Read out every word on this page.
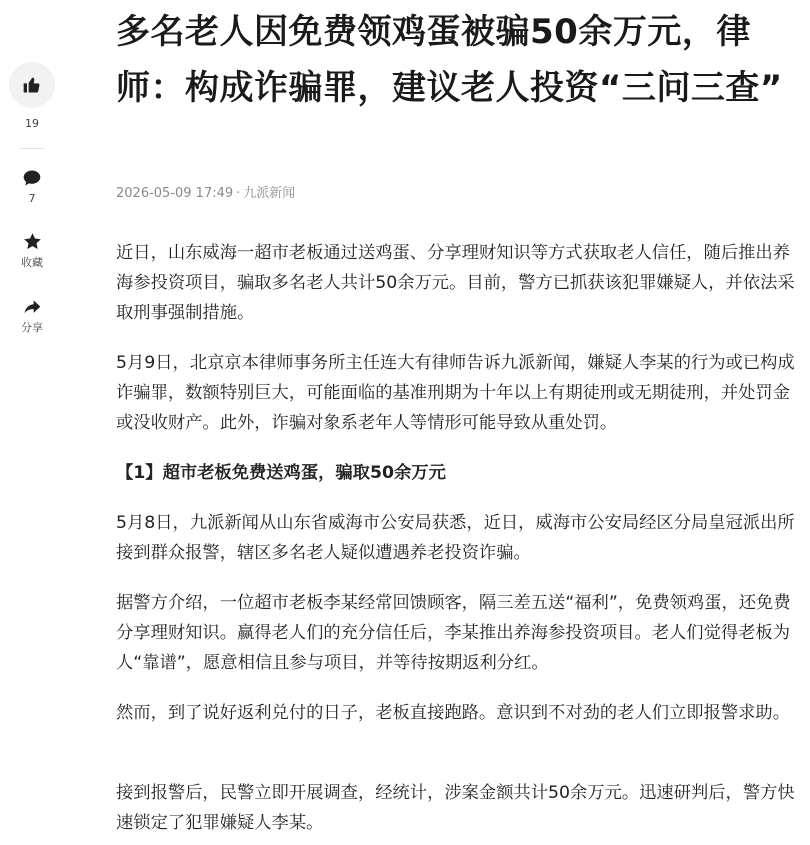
19
7
收藏
分享
多名老人因免费领鸡蛋被骗50余万元，律师：构成诈骗罪，建议老人投资“三问三查”
2026-05-09 17:49 · 九派新闻

近日，山东威海一超市老板通过送鸡蛋、分享理财知识等方式获取老人信任，随后推出养海参投资项目，骗取多名老人共计50余万元。目前，警方已抓获该犯罪嫌疑人，并依法采取刑事强制措施。

5月9日，北京京本律师事务所主任连大有律师告诉九派新闻，嫌疑人李某的行为或已构成诈骗罪，数额特别巨大，可能面临的基准刑期为十年以上有期徒刑或无期徒刑，并处罚金或没收财产。此外，诈骗对象系老年人等情形可能导致从重处罚。

【1】超市老板免费送鸡蛋，骗取50余万元

5月8日，九派新闻从山东省威海市公安局获悉，近日，威海市公安局经区分局皇冠派出所接到群众报警，辖区多名老人疑似遭遇养老投资诈骗。

据警方介绍，一位超市老板李某经常回馈顾客，隔三差五送“福利”，免费领鸡蛋，还免费分享理财知识。赢得老人们的充分信任后，李某推出养海参投资项目。老人们觉得老板为人“靠谱”，愿意相信且参与项目，并等待按期返利分红。

然而，到了说好返利兑付的日子，老板直接跑路。意识到不对劲的老人们立即报警求助。

接到报警后，民警立即开展调查，经统计，涉案金额共计50余万元。迅速研判后，警方快速锁定了犯罪嫌疑人李某。
